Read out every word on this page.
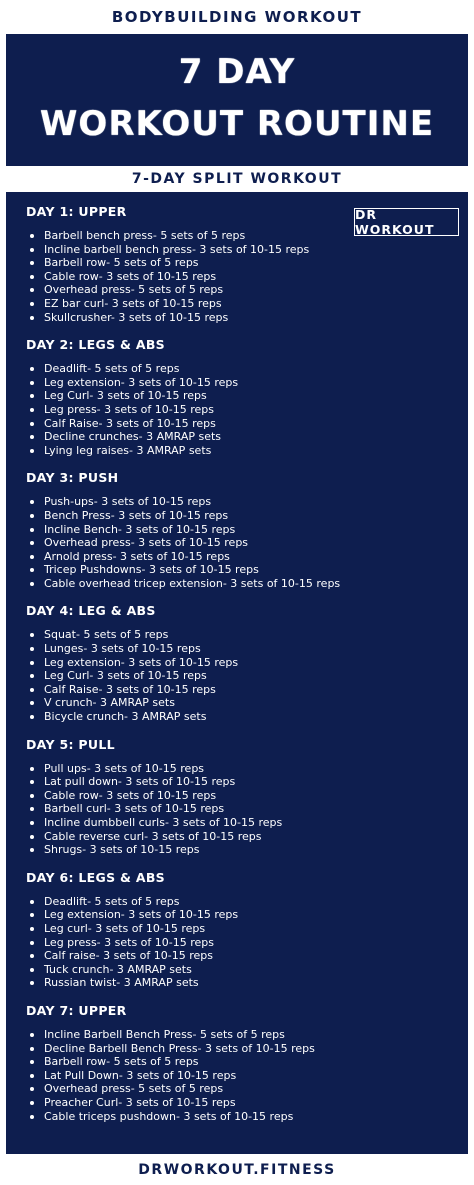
BODYBUILDING WORKOUT
7 DAY
WORKOUT ROUTINE
7-DAY SPLIT WORKOUT
DR WORKOUT
DAY 1: UPPER
Barbell bench press- 5 sets of 5 reps
Incline barbell bench press- 3 sets of 10-15 reps
Barbell row- 5 sets of 5 reps
Cable row- 3 sets of 10-15 reps
Overhead press- 5 sets of 5 reps
EZ bar curl- 3 sets of 10-15 reps
Skullcrusher- 3 sets of 10-15 reps
DAY 2: LEGS & ABS
Deadlift- 5 sets of 5 reps
Leg extension- 3 sets of 10-15 reps
Leg Curl- 3 sets of 10-15 reps
Leg press- 3 sets of 10-15 reps
Calf Raise- 3 sets of 10-15 reps
Decline crunches- 3 AMRAP sets
Lying leg raises- 3 AMRAP sets
DAY 3: PUSH
Push-ups- 3 sets of 10-15 reps
Bench Press- 3 sets of 10-15 reps
Incline Bench- 3 sets of 10-15 reps
Overhead press- 3 sets of 10-15 reps
Arnold press- 3 sets of 10-15 reps
Tricep Pushdowns- 3 sets of 10-15 reps
Cable overhead tricep extension- 3 sets of 10-15 reps
DAY 4: LEG & ABS
Squat- 5 sets of 5 reps
Lunges- 3 sets of 10-15 reps
Leg extension- 3 sets of 10-15 reps
Leg Curl- 3 sets of 10-15 reps
Calf Raise- 3 sets of 10-15 reps
V crunch- 3 AMRAP sets
Bicycle crunch- 3 AMRAP sets
DAY 5: PULL
Pull ups- 3 sets of 10-15 reps
Lat pull down- 3 sets of 10-15 reps
Cable row- 3 sets of 10-15 reps
Barbell curl- 3 sets of 10-15 reps
Incline dumbbell curls- 3 sets of 10-15 reps
Cable reverse curl- 3 sets of 10-15 reps
Shrugs- 3 sets of 10-15 reps
DAY 6: LEGS & ABS
Deadlift- 5 sets of 5 reps
Leg extension- 3 sets of 10-15 reps
Leg curl- 3 sets of 10-15 reps
Leg press- 3 sets of 10-15 reps
Calf raise- 3 sets of 10-15 reps
Tuck crunch- 3 AMRAP sets
Russian twist- 3 AMRAP sets
DAY 7: UPPER
Incline Barbell Bench Press- 5 sets of 5 reps
Decline Barbell Bench Press- 3 sets of 10-15 reps
Barbell row- 5 sets of 5 reps
Lat Pull Down- 3 sets of 10-15 reps
Overhead press- 5 sets of 5 reps
Preacher Curl- 3 sets of 10-15 reps
Cable triceps pushdown- 3 sets of 10-15 reps
DRWORKOUT.FITNESS
